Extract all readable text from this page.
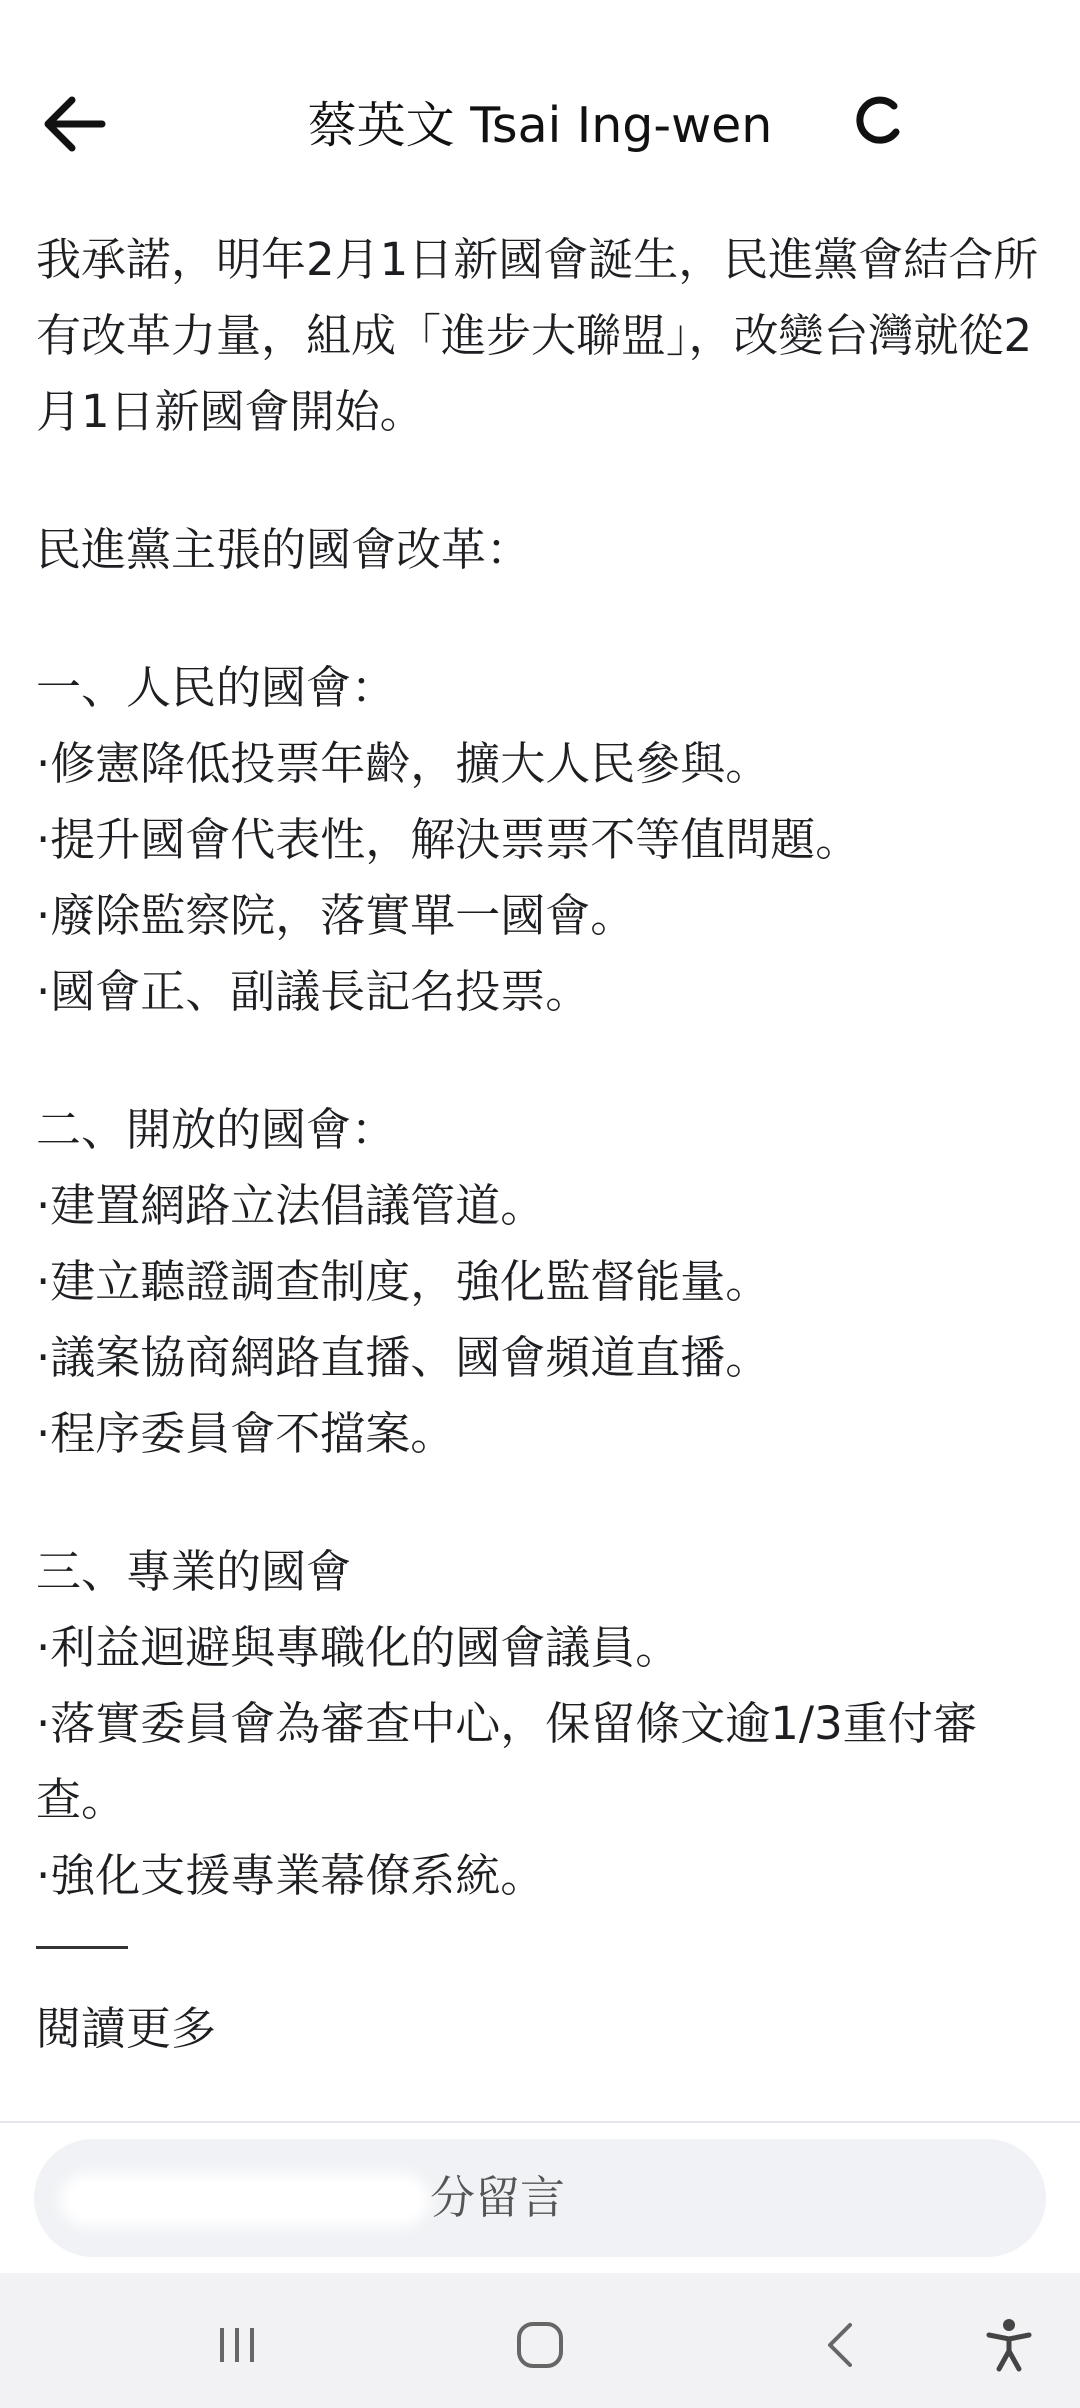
蔡英文 Tsai Ing-wen

我承諾，明年2月1日新國會誕生，民進黨會結合所有改革力量，組成「進步大聯盟」，改變台灣就從2月1日新國會開始。

民進黨主張的國會改革：

一、人民的國會：

·修憲降低投票年齡，擴大人民參與。
·提升國會代表性，解決票票不等值問題。
·廢除監察院，落實單一國會。
·國會正、副議長記名投票。

二、開放的國會：

·建置網路立法倡議管道。
·建立聽證調查制度，強化監督能量。
·議案協商網路直播、國會頻道直播。
·程序委員會不擋案。

三、專業的國會

·利益迴避與專職化的國會議員。
·落實委員會為審查中心，保留條文逾1/3重付審查。
·強化支援專業幕僚系統。
閱讀更多
分留言
